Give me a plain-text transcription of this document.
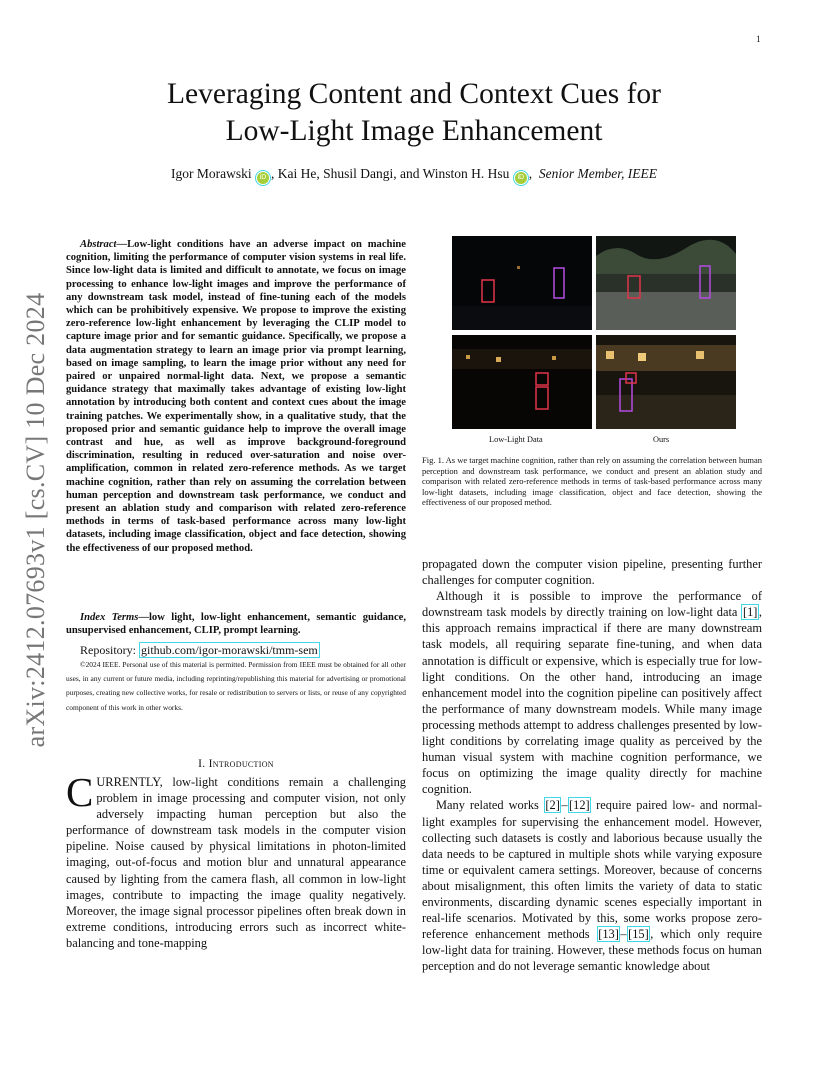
1
arXiv:2412.07693v1 [cs.CV] 10 Dec 2024
Leveraging Content and Context Cues for
Low-Light Image Enhancement
Igor Morawski iD , Kai He, Shusil Dangi, and Winston H. Hsu iD ,  Senior Member, IEEE
Abstract—Low-light conditions have an adverse impact on machine cognition, limiting the performance of computer vision systems in real life. Since low-light data is limited and difficult to annotate, we focus on image processing to enhance low-light images and improve the performance of any downstream task model, instead of fine-tuning each of the models which can be prohibitively expensive. We propose to improve the existing zero-reference low-light enhancement by leveraging the CLIP model to capture image prior and for semantic guidance. Specifically, we propose a data augmentation strategy to learn an image prior via prompt learning, based on image sampling, to learn the image prior without any need for paired or unpaired normal-light data. Next, we propose a semantic guidance strategy that maximally takes advantage of existing low-light annotation by introducing both content and context cues about the image training patches. We experimentally show, in a qualitative study, that the proposed prior and semantic guidance help to improve the overall image contrast and hue, as well as improve background-foreground discrimination, resulting in reduced over-saturation and noise over-amplification, common in related zero-reference methods. As we target machine cognition, rather than rely on assuming the correlation between human perception and downstream task performance, we conduct and present an ablation study and comparison with related zero-reference methods in terms of task-based performance across many low-light datasets, including image classification, object and face detection, showing the effectiveness of our proposed method.
Index Terms—low light, low-light enhancement, semantic guidance, unsupervised enhancement, CLIP, prompt learning.
Repository: github.com/igor-morawski/tmm-sem
©2024 IEEE. Personal use of this material is permitted. Permission from IEEE must be obtained for all other uses, in any current or future media, including reprinting/republishing this material for advertising or promotional purposes, creating new collective works, for resale or redistribution to servers or lists, or reuse of any copyrighted component of this work in other works.
I. Introduction
CURRENTLY, low-light conditions remain a challenging problem in image processing and computer vision, not only adversely impacting human perception but also the performance of downstream task models in the computer vision pipeline. Noise caused by physical limitations in photon-limited imaging, out-of-focus and motion blur and unnatural appearance caused by lighting from the camera flash, all common in low-light images, contribute to impacting the image quality negatively. Moreover, the image signal processor pipelines often break down in extreme conditions, introducing errors such as incorrect white-balancing and tone-mapping
Low-Light Data	Ours
Fig. 1. As we target machine cognition, rather than rely on assuming the correlation between human perception and downstream task performance, we conduct and present an ablation study and comparison with related zero-reference methods in terms of task-based performance across many low-light datasets, including image classification, object and face detection, showing the effectiveness of our proposed method.

propagated down the computer vision pipeline, presenting further challenges for computer cognition.

Although it is possible to improve the performance of downstream task models by directly training on low-light data [1] , this approach remains impractical if there are many downstream task models, all requiring separate fine-tuning, and when data annotation is difficult or expensive, which is especially true for low-light conditions. On the other hand, introducing an image enhancement model into the cognition pipeline can positively affect the performance of many downstream models. While many image processing methods attempt to address challenges presented by low-light conditions by correlating image quality as perceived by the human visual system with machine cognition performance, we focus on optimizing the image quality directly for machine cognition.

Many related works [2] – [12] require paired low- and normal-light examples for supervising the enhancement model. However, collecting such datasets is costly and laborious because usually the data needs to be captured in multiple shots while varying exposure time or equivalent camera settings. Moreover, because of concerns about misalignment, this often limits the variety of data to static environments, discarding dynamic scenes especially important in real-life scenarios. Motivated by this, some works propose zero-reference enhancement methods [13] – [15] , which only require low-light data for training. However, these methods focus on human perception and do not leverage semantic knowledge about
